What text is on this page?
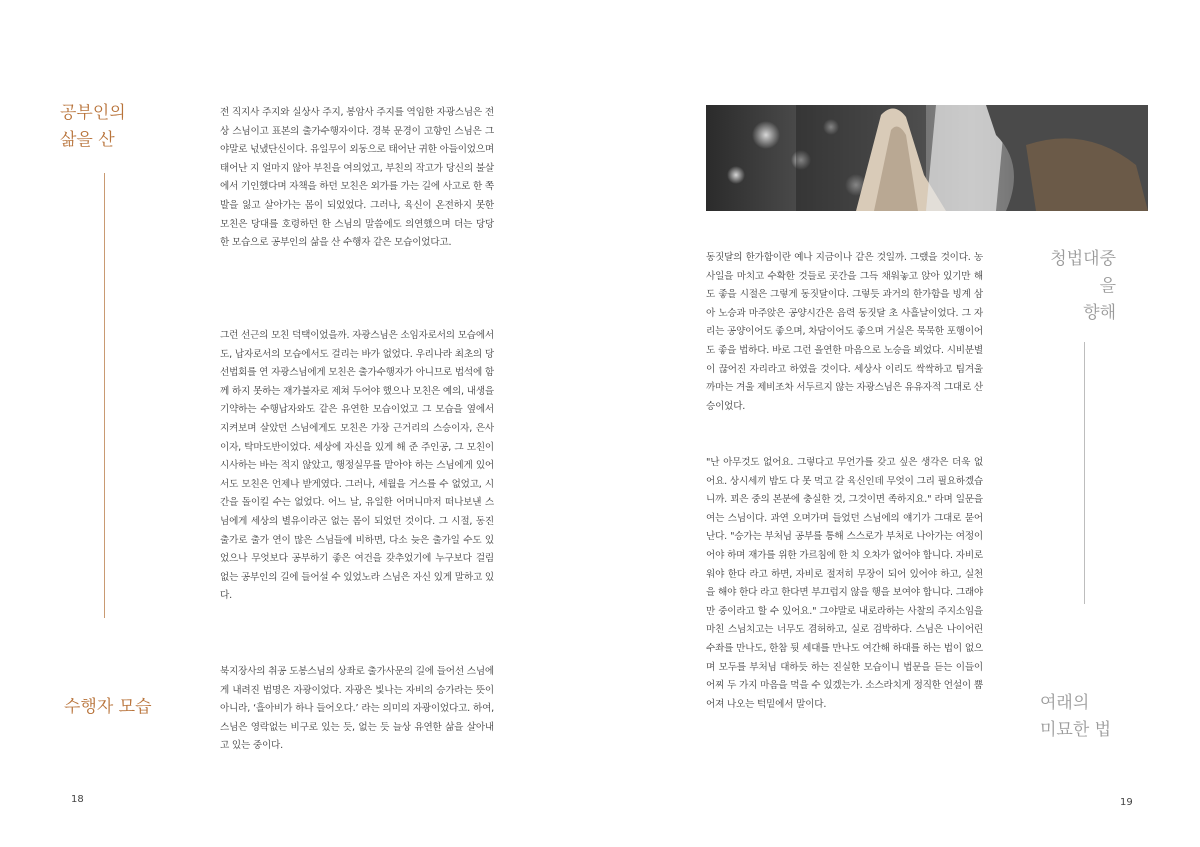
공부인의
삶을 산
수행자 모습

전 직지사 주지와 실상사 주지, 봉암사 주지를 역임한 자광스님은 전상 스님이고 표본의 출가수행자이다. 경북 문경이 고향인 스님은 그야말로 넋냈단신이다. 유일무이 외동으로 태어난 귀한 아들이었으며 태어난 지 얼마지 않아 부친을 여의었고, 부친의 작고가 당신의 불살에서 기인했다며 자책을 하던 모친은 외가를 가는 길에 사고로 한 쪽 발을 잃고 살아가는 몸이 되었었다. 그러나, 육신이 온전하지 못한 모친은 당대를 호령하던 한 스님의 말씀에도 의연했으며 더는 당당한 모습으로 공부인의 삶을 산 수행자 같은 모습이었다고.

그런 선근의 모친 덕택이었을까. 자광스님은 소임자로서의 모습에서도, 납자로서의 모습에서도 걸리는 바가 없었다. 우리나라 최초의 당선법회를 연 자광스님에게 모친은 출가수행자가 아니므로 법석에 함께 하지 못하는 재가불자로 제쳐 두어야 했으나 모친은 예의, 내생을 기약하는 수행납자와도 같은 유연한 모습이었고 그 모습을 옆에서 지켜보며 살았던 스님에게도 모친은 가장 근거리의 스승이자, 은사이자, 탁마도반이었다. 세상에 자신을 있게 해 준 주인공, 그 모친이 시사하는 바는 적지 않았고, 행정실무를 맡아야 하는 스님에게 있어서도 모친은 언제나 받게였다. 그러나, 세월을 거스를 수 없었고, 시간을 돌이킬 수는 없었다. 어느 날, 유일한 어머니마저 떠나보낸 스님에게 세상의 별유이라곤 없는 몸이 되었던 것이다. 그 시절, 동진출가로 출가 연이 많은 스님들에 비하면, 다소 늦은 출가일 수도 있었으나 무엇보다 공부하기 좋은 여건을 갖추었기에 누구보다 걸림 없는 공부인의 길에 들어설 수 있었노라 스님은 자신 있게 말하고 있다.

북지장사의 취공 도봉스님의 상좌로 출가사문의 길에 들어선 스님에게 내려진 법명은 자광이었다. 자광은 빛나는 자비의 승가라는 뜻이 아니라, ‘흘아비가 하나 들어오다.’ 라는 의미의 자광이었다고. 하여, 스님은 영락없는 비구로 있는 듯, 없는 듯 늘상 유연한 삶을 살아내고 있는 중이다.

18

동짓달의 한가함이란 예나 지금이나 같은 것일까. 그랬을 것이다. 농사일을 마치고 수확한 것들로 곳간을 그득 채워놓고 앉아 있기만 해도 좋을 시절은 그렇게 동짓달이다. 그렇듯 과거의 한가함을 빙계 삼아 노승과 마주앉은 공양시간은 음력 동짓달 초 사흘날이었다. 그 자리는 공양이어도 좋으며, 차담이어도 좋으며 거실은 묵묵한 포행이어도 좋을 법하다. 바로 그런 올연한 마음으로 노승을 뵈었다. 시비분별이 끊어진 자리라고 하였을 것이다. 세상사 이리도 싹싹하고 팀겨울까마는 겨울 제비조차 서두르지 않는 자광스님은 유유자적 그대로 산승이었다.

"난 아무것도 없어요. 그렇다고 무언가를 갖고 싶은 생각은 더욱 없어요. 상시세끼 밥도 다 못 먹고 갈 육신인데 무엇이 그리 필요하겠습니까. 꾀은 중의 본분에 충실한 것, 그것이면 족하지요." 라며 일문을 여는 스님이다. 과연 오며가며 들었던 스님에의 얘기가 그대로 묻어난다. "승가는 부처님 공부를 통해 스스로가 부처로 나아가는 여정이어야 하며 재가를 위한 가르침에 한 치 오차가 없어야 합니다. 자비로워야 한다 라고 하면, 자비로 절저히 무장이 되어 있어야 하고, 실천을 해야 한다 라고 한다면 부끄럽지 않을 행을 보여야 합니다. 그래야만 중이라고 할 수 있어요." 그야말로 내로라하는 사찰의 주지소임을 마친 스님치고는 너무도 겸허하고, 실로 검박하다. 스님은 나이어린 수좌를 만나도, 한참 뒷 세대를 만나도 여간해 하대를 하는 법이 없으며 모두를 부처님 대하듯 하는 진실한 모습이니 법문을 듣는 이들이 어찌 두 가지 마음을 먹을 수 있겠는가. 소스라치게 정직한 언설이 뿜어져 나오는 턱밑에서 말이다.

청법대중을
향해
여래의
미묘한 법
19
